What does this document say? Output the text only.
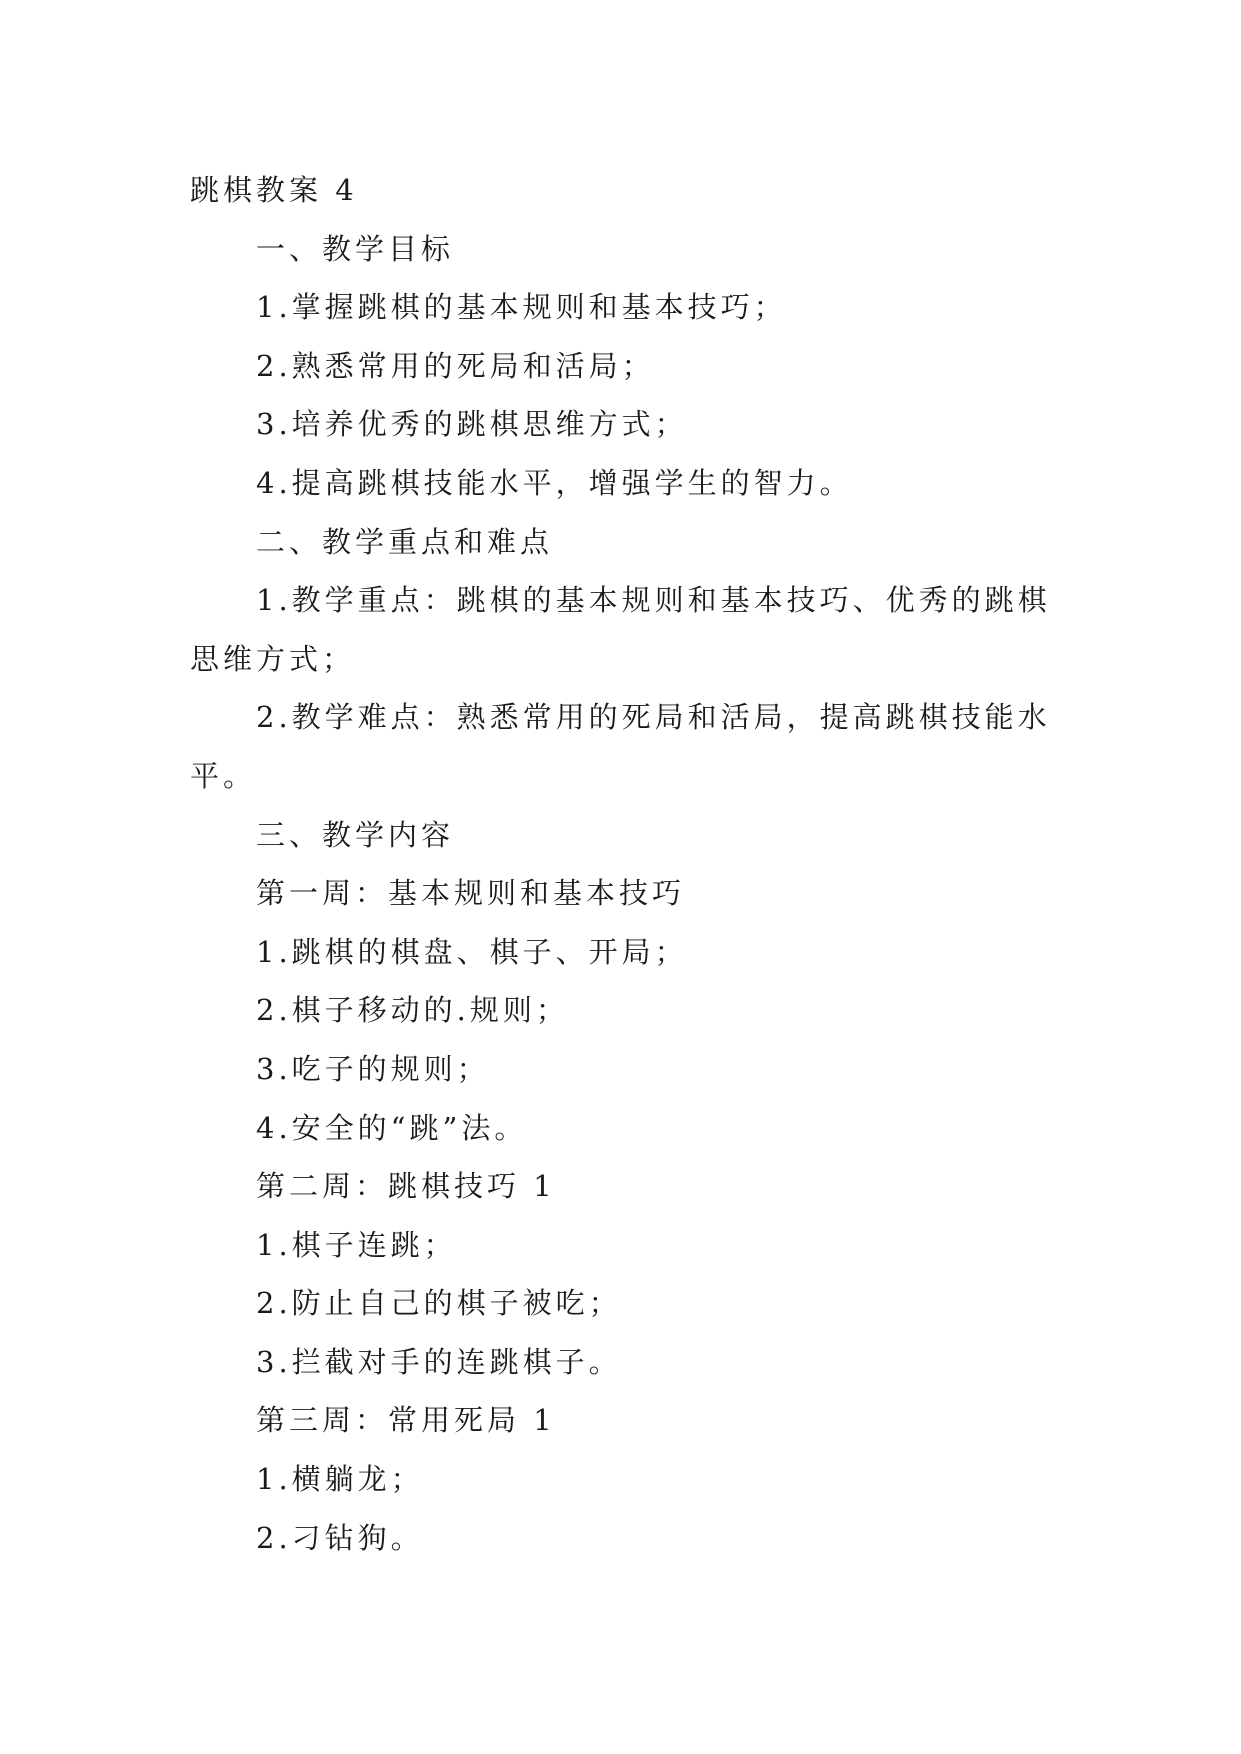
跳棋教案 4

一、教学目标

1.掌握跳棋的基本规则和基本技巧；

2.熟悉常用的死局和活局；

3.培养优秀的跳棋思维方式；

4.提高跳棋技能水平，增强学生的智力。

二、教学重点和难点

1.教学重点：跳棋的基本规则和基本技巧、优秀的跳棋

思维方式；

2.教学难点：熟悉常用的死局和活局，提高跳棋技能水

平。

三、教学内容

第一周：基本规则和基本技巧

1.跳棋的棋盘、棋子、开局；

2.棋子移动的.规则；

3.吃子的规则；

4.安全的“跳”法。

第二周：跳棋技巧 1

1.棋子连跳；

2.防止自己的棋子被吃；

3.拦截对手的连跳棋子。

第三周：常用死局 1

1.横躺龙；

2.刁钻狗。
